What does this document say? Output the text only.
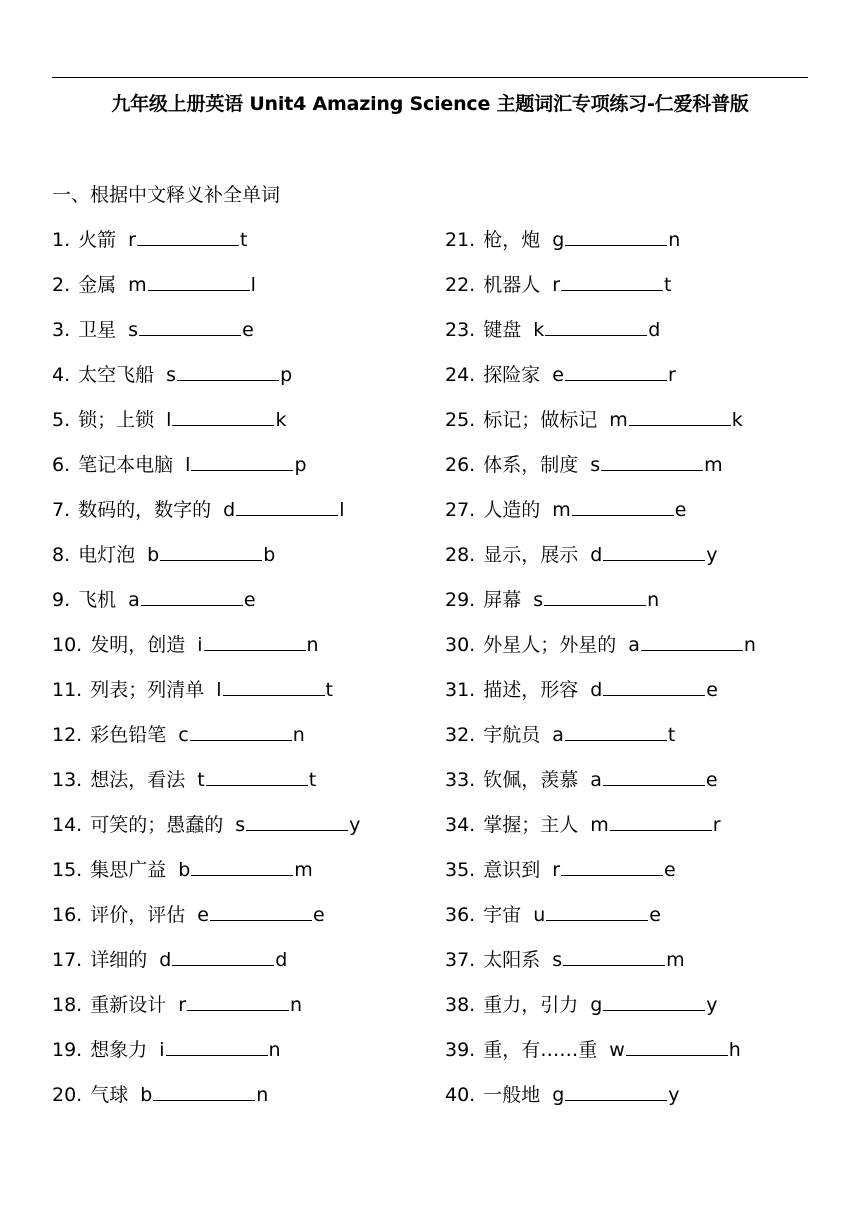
九年级上册英语 Unit4 Amazing Science 主题词汇专项练习-仁爱科普版
一、根据中文释义补全单词
1. 火箭 r	t
2. 金属 m	l
3. 卫星 s	e
4. 太空飞船 s	p
5. 锁；上锁 l	k
6. 笔记本电脑 l	p
7. 数码的，数字的 d	l
8. 电灯泡 b	b
9. 飞机 a	e
10. 发明，创造 i	n
11. 列表；列清单 l	t
12. 彩色铅笔 c	n
13. 想法，看法 t	t
14. 可笑的；愚蠢的 s	y
15. 集思广益 b	m
16. 评价，评估 e	e
17. 详细的 d	d
18. 重新设计 r	n
19. 想象力 i	n
20. 气球 b	n
21. 枪，炮 g	n
22. 机器人 r	t
23. 键盘 k	d
24. 探险家 e	r
25. 标记；做标记 m	k
26. 体系，制度 s	m
27. 人造的 m	e
28. 显示，展示 d	y
29. 屏幕 s	n
30. 外星人；外星的 a	n
31. 描述，形容 d	e
32. 宇航员 a	t
33. 钦佩，羡慕 a	e
34. 掌握；主人 m	r
35. 意识到 r	e
36. 宇宙 u	e
37. 太阳系 s	m
38. 重力，引力 g	y
39. 重，有……重 w	h
40. 一般地 g	y
